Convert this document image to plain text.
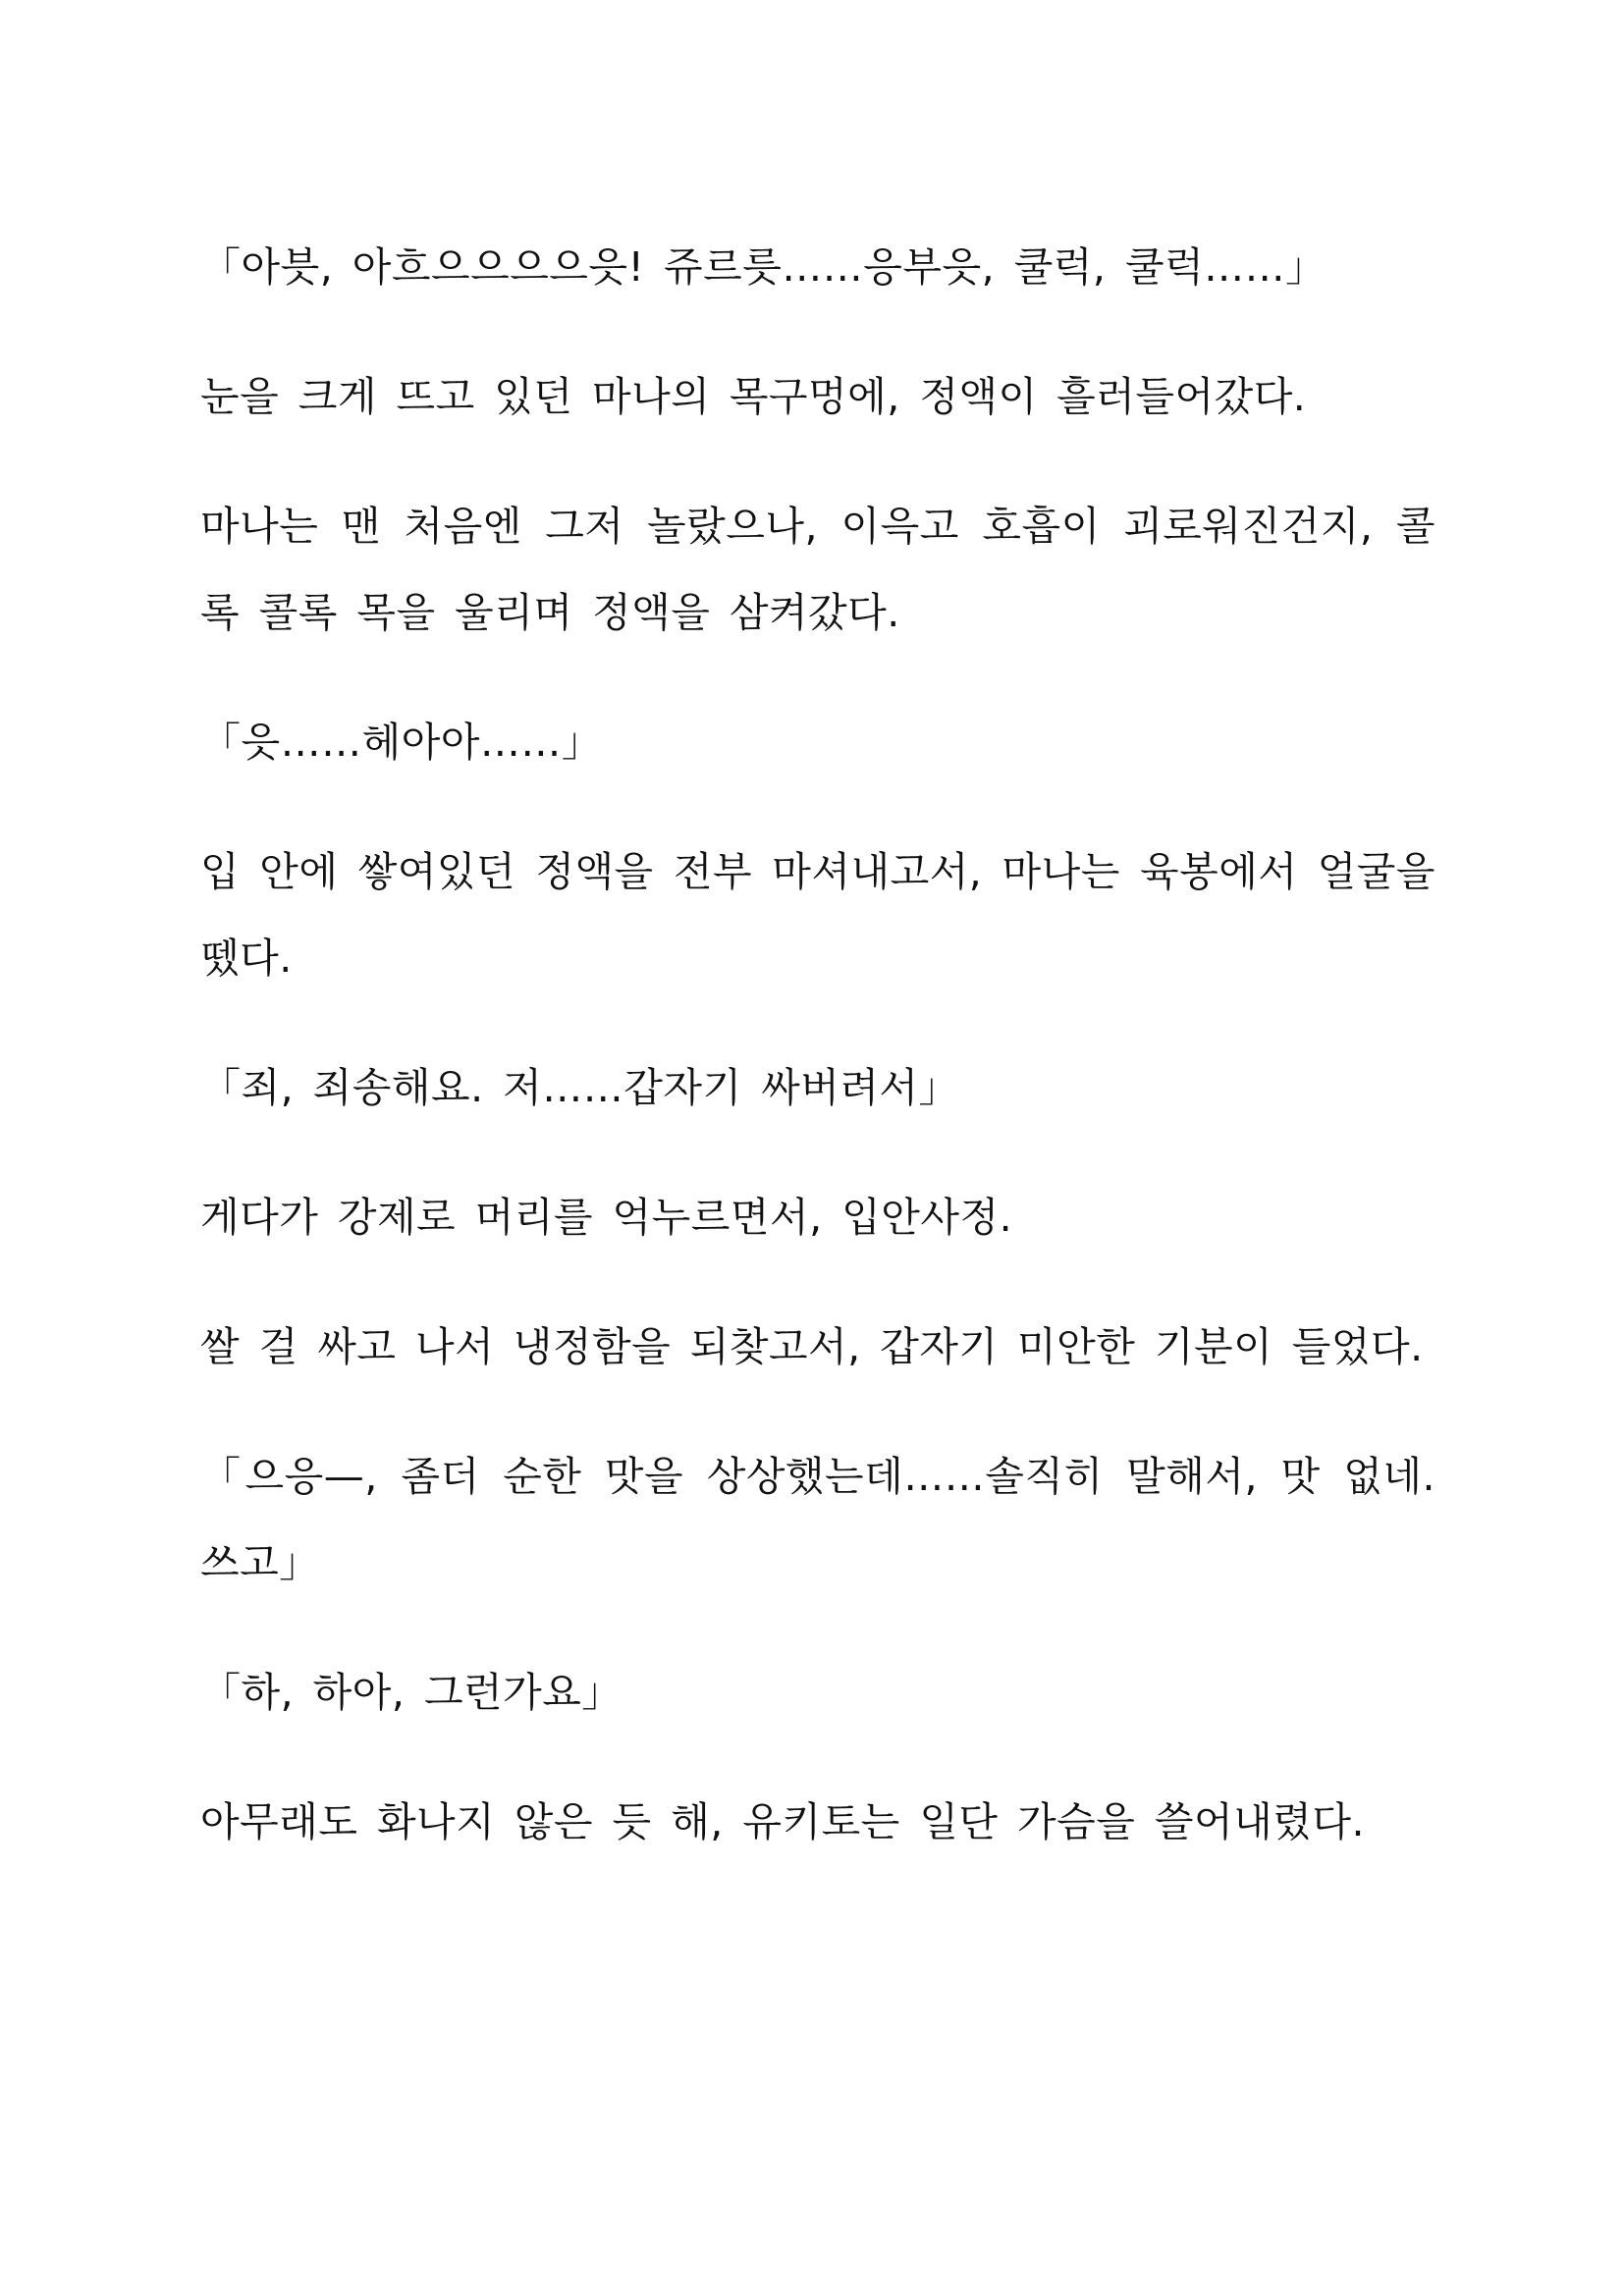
「아븟, 아흐으으으으읏! 쥬르릇……응부읏, 쿨럭, 쿨럭……」

눈을 크게 뜨고 있던 마나의 목구멍에, 정액이 흘러들어갔다.

마나는 맨 처음엔 그저 놀랐으나, 이윽고 호흡이 괴로워진건지, 콜록 콜록 목을 울리며 정액을 삼켜갔다.

「읏……헤아아……」

입 안에 쌓여있던 정액을 전부 마셔내고서, 마나는 육봉에서 얼굴을 뗐다.

「죄, 죄송해요. 저……갑자기 싸버려서」

게다가 강제로 머리를 억누르면서, 입안사정.

쌀 걸 싸고 나서 냉정함을 되찾고서, 갑자기 미안한 기분이 들었다.

「으응—, 좀더 순한 맛을 상상했는데……솔직히 말해서, 맛 없네. 쓰고」

「하, 하아, 그런가요」

아무래도 화나지 않은 듯 해, 유키토는 일단 가슴을 쓸어내렸다.
